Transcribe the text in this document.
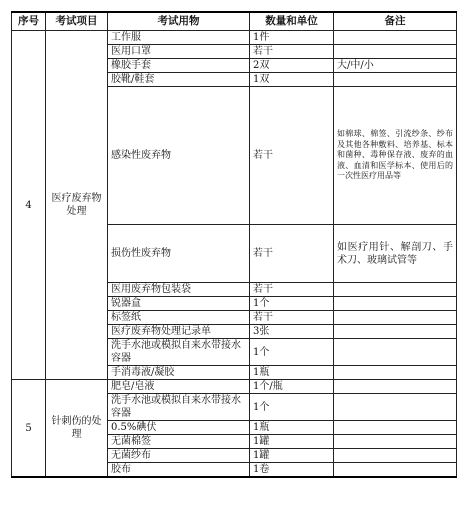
序号	考试项目	考试用物	数量和单位	备注
4	医疗废弃物处理	工作服	1件	
		医用口罩	若干	
		橡胶手套	2双	大/中/小
		胶靴/鞋套	1双	
		感染性废弃物	若干	如棉球、棉签、引流纱条、纱布及其他各种敷料、培养基、标本和菌种、毒种保存液、废弃的血液、血清和医学标本、使用后的一次性医疗用品等
		损伤性废弃物	若干	如医疗用针、解剖刀、手术刀、玻璃试管等
		医用废弃物包装袋	若干	
		锐器盒	1个	
		标签纸	若干	
		医疗废弃物处理记录单	3张	
		洗手水池或模拟自来水带接水容器	1个	
		手消毒液/凝胶	1瓶	
5	针刺伤的处理	肥皂/皂液	1个/瓶	
		洗手水池或模拟自来水带接水容器	1个	
		0.5%碘伏	1瓶	
		无菌棉签	1罐	
		无菌纱布	1罐	
		胶布	1卷	
